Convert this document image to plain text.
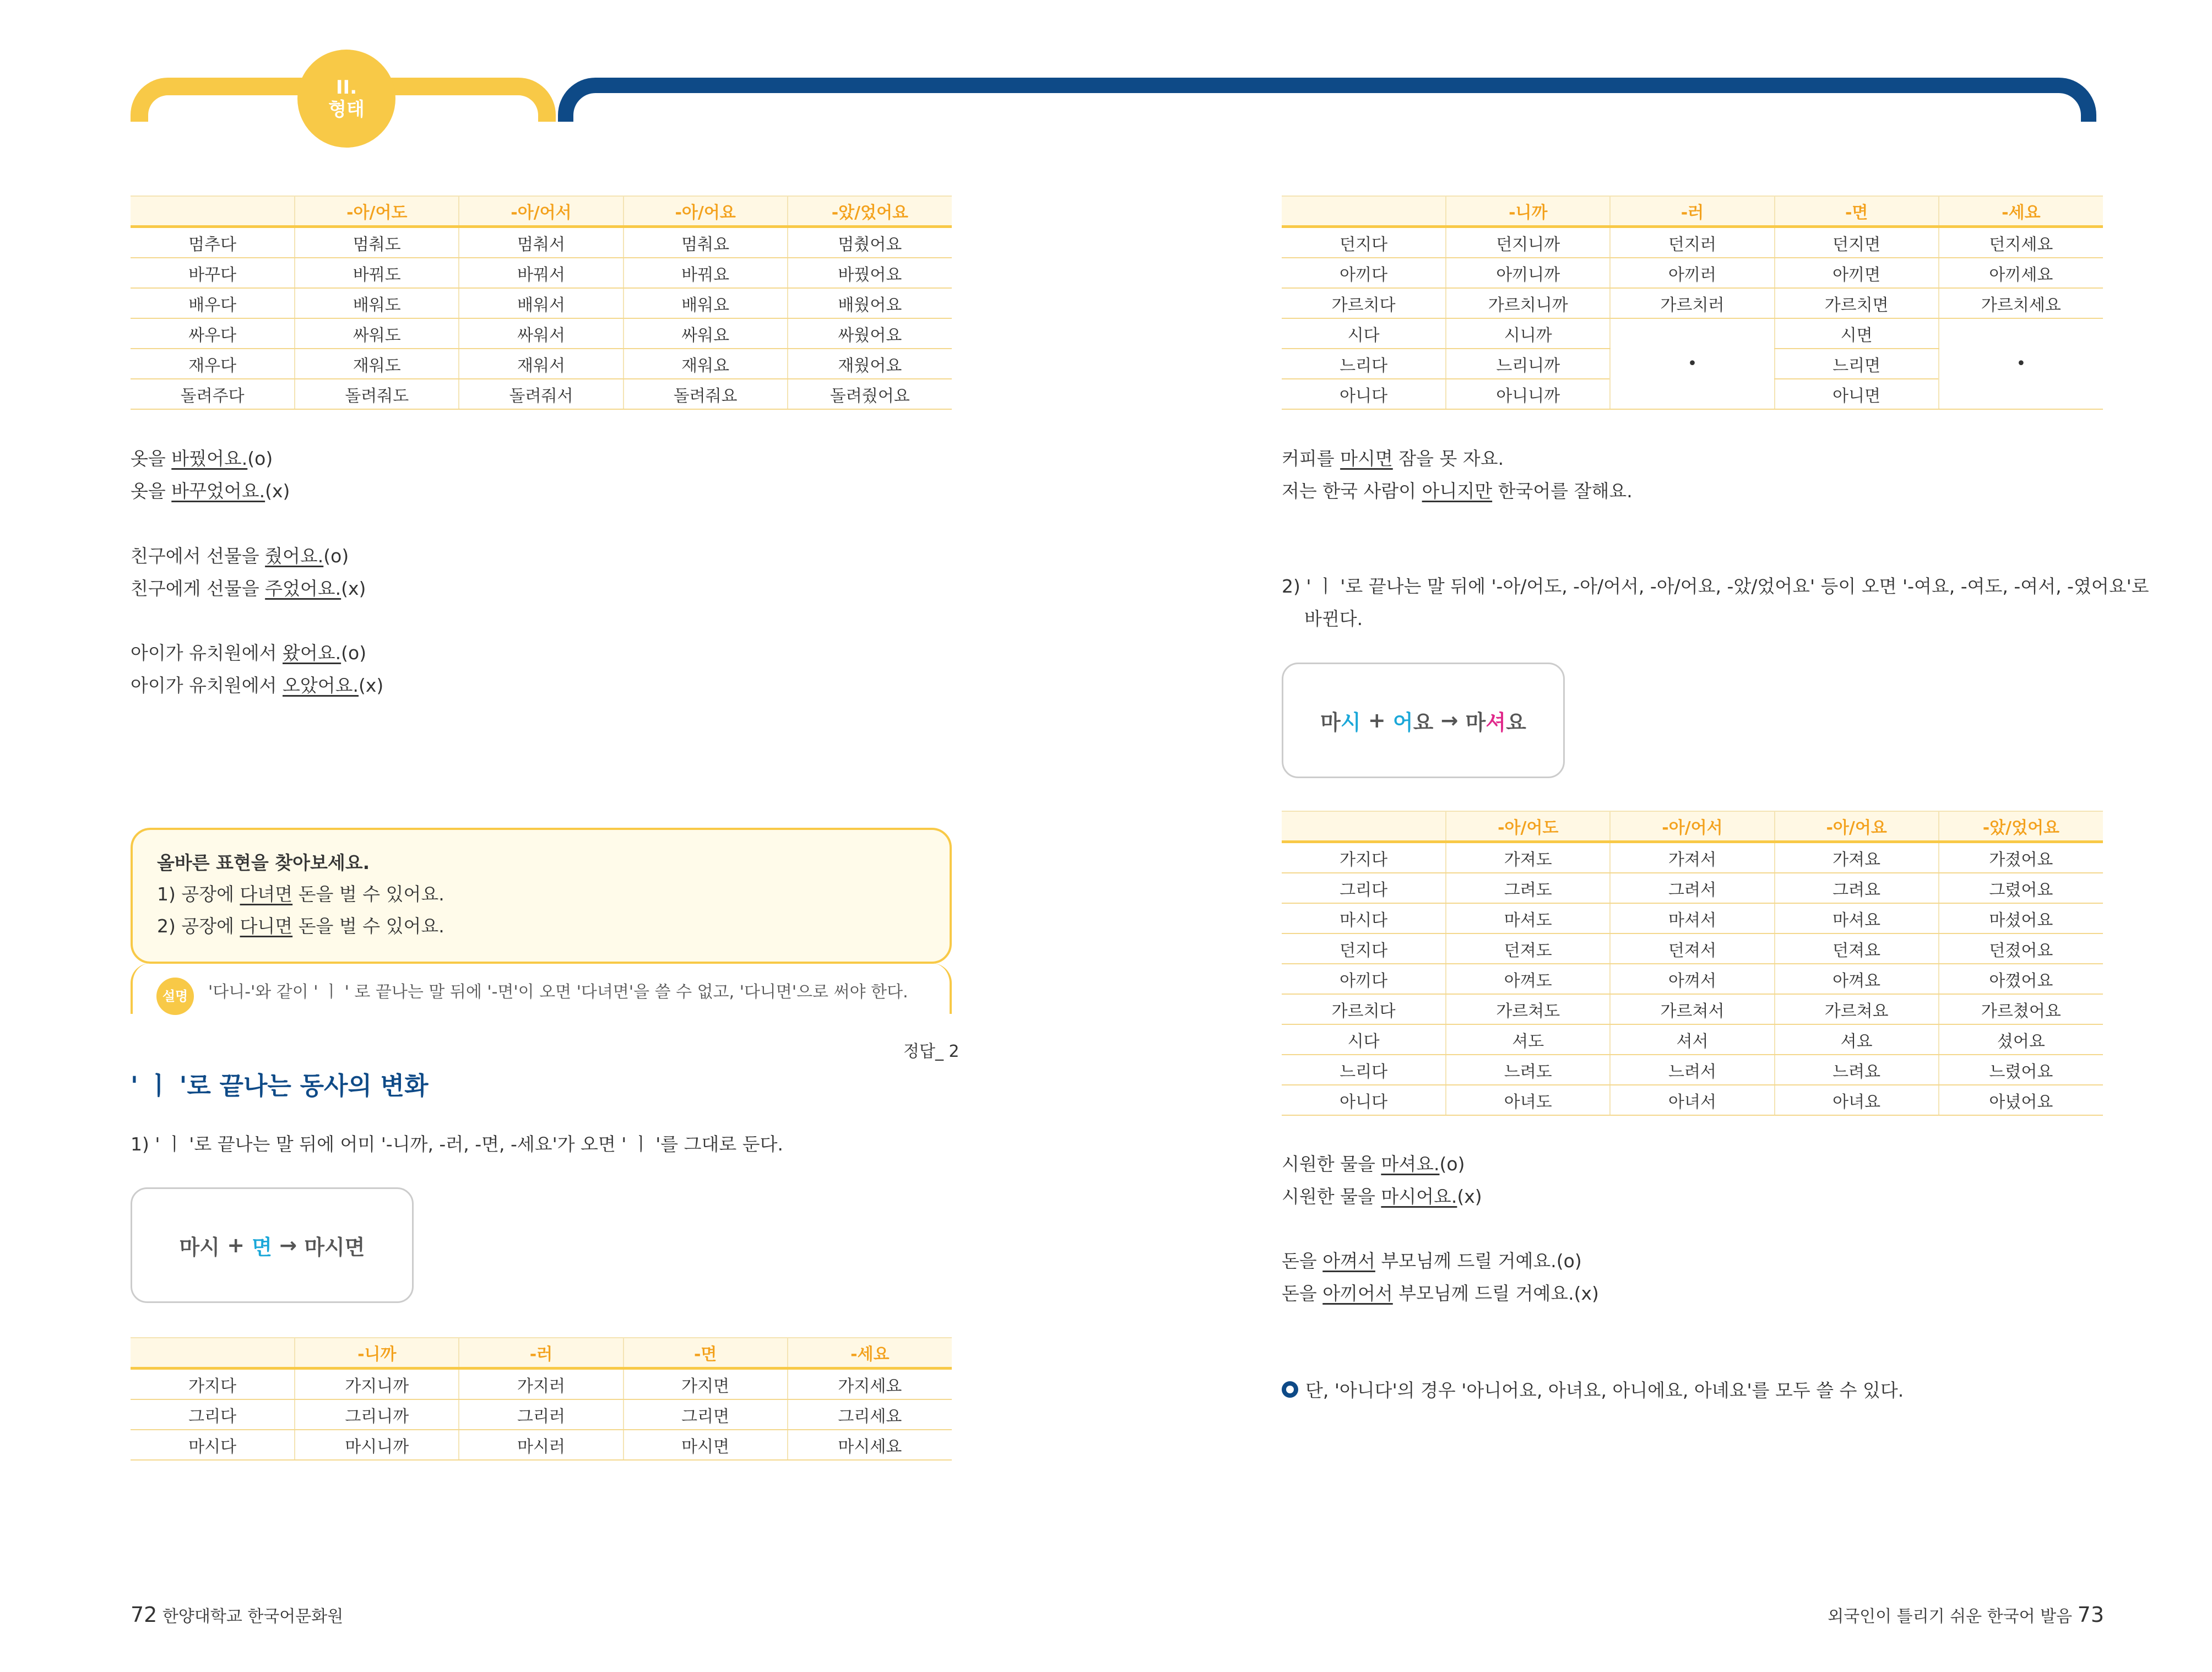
II.
형태
	-아/어도	-아/어서	-아/어요	-았/었어요
멈추다	멈춰도	멈춰서	멈춰요	멈췄어요
바꾸다	바꿔도	바꿔서	바꿔요	바꿨어요
배우다	배워도	배워서	배워요	배웠어요
싸우다	싸워도	싸워서	싸워요	싸웠어요
재우다	재워도	재워서	재워요	재웠어요
돌려주다	돌려줘도	돌려줘서	돌려줘요	돌려줬어요
옷을 바꿨어요.(o)
옷을 바꾸었어요.(x)
친구에서 선물을 줬어요.(o)
친구에게 선물을 주었어요.(x)
아이가 유치원에서 왔어요.(o)
아이가 유치원에서 오았어요.(x)
올바른 표현을 찾아보세요.
1) 공장에 다녀면 돈을 벌 수 있어요.
2) 공장에 다니면 돈을 벌 수 있어요.
설명	'다니-'와 같이 ' ㅣ ' 로 끝나는 말 뒤에 '-면'이 오면 '다녀면'을 쓸 수 없고, '다니면'으로 써야 한다.
정답_ 2
' ㅣ '로 끝나는 동사의 변화
1) ' ㅣ '로 끝나는 말 뒤에 어미 '-니까, -러, -면, -세요'가 오면 ' ㅣ '를 그대로 둔다.
마시 + 면 → 마시면
	-니까	-러	-면	-세요
가지다	가지니까	가지러	가지면	가지세요
그리다	그리니까	그리러	그리면	그리세요
마시다	마시니까	마시러	마시면	마시세요
	-니까	-러	-면	-세요
던지다	던지니까	던지러	던지면	던지세요
아끼다	아끼니까	아끼러	아끼면	아끼세요
가르치다	가르치니까	가르치러	가르치면	가르치세요
시다	시니까	•	시면	•
느리다	느리니까		느리면	
아니다	아니니까		아니면	
커피를 마시면 잠을 못 자요.
저는 한국 사람이 아니지만 한국어를 잘해요.
2) ' ㅣ '로 끝나는 말 뒤에 '-아/어도, -아/어서, -아/어요, -았/었어요' 등이 오면 '-여요, -여도, -여서, -였어요'로
바뀐다.
마 시 + 어 요 → 마 셔 요
	-아/어도	-아/어서	-아/어요	-았/었어요
가지다	가져도	가져서	가져요	가졌어요
그리다	그려도	그려서	그려요	그렸어요
마시다	마셔도	마셔서	마셔요	마셨어요
던지다	던져도	던져서	던져요	던졌어요
아끼다	아껴도	아껴서	아껴요	아꼈어요
가르치다	가르쳐도	가르쳐서	가르쳐요	가르쳤어요
시다	셔도	셔서	셔요	셨어요
느리다	느려도	느려서	느려요	느렸어요
아니다	아녀도	아녀서	아녀요	아녔어요
시원한 물을 마셔요.(o)
시원한 물을 마시어요.(x)
돈을 아껴서 부모님께 드릴 거예요.(o)
돈을 아끼어서 부모님께 드릴 거예요.(x)
단, '아니다'의 경우 '아니어요, 아녀요, 아니에요, 아녜요'를 모두 쓸 수 있다.
72 한양대학교 한국어문화원	외국인이 틀리기 쉬운 한국어 발음 73
